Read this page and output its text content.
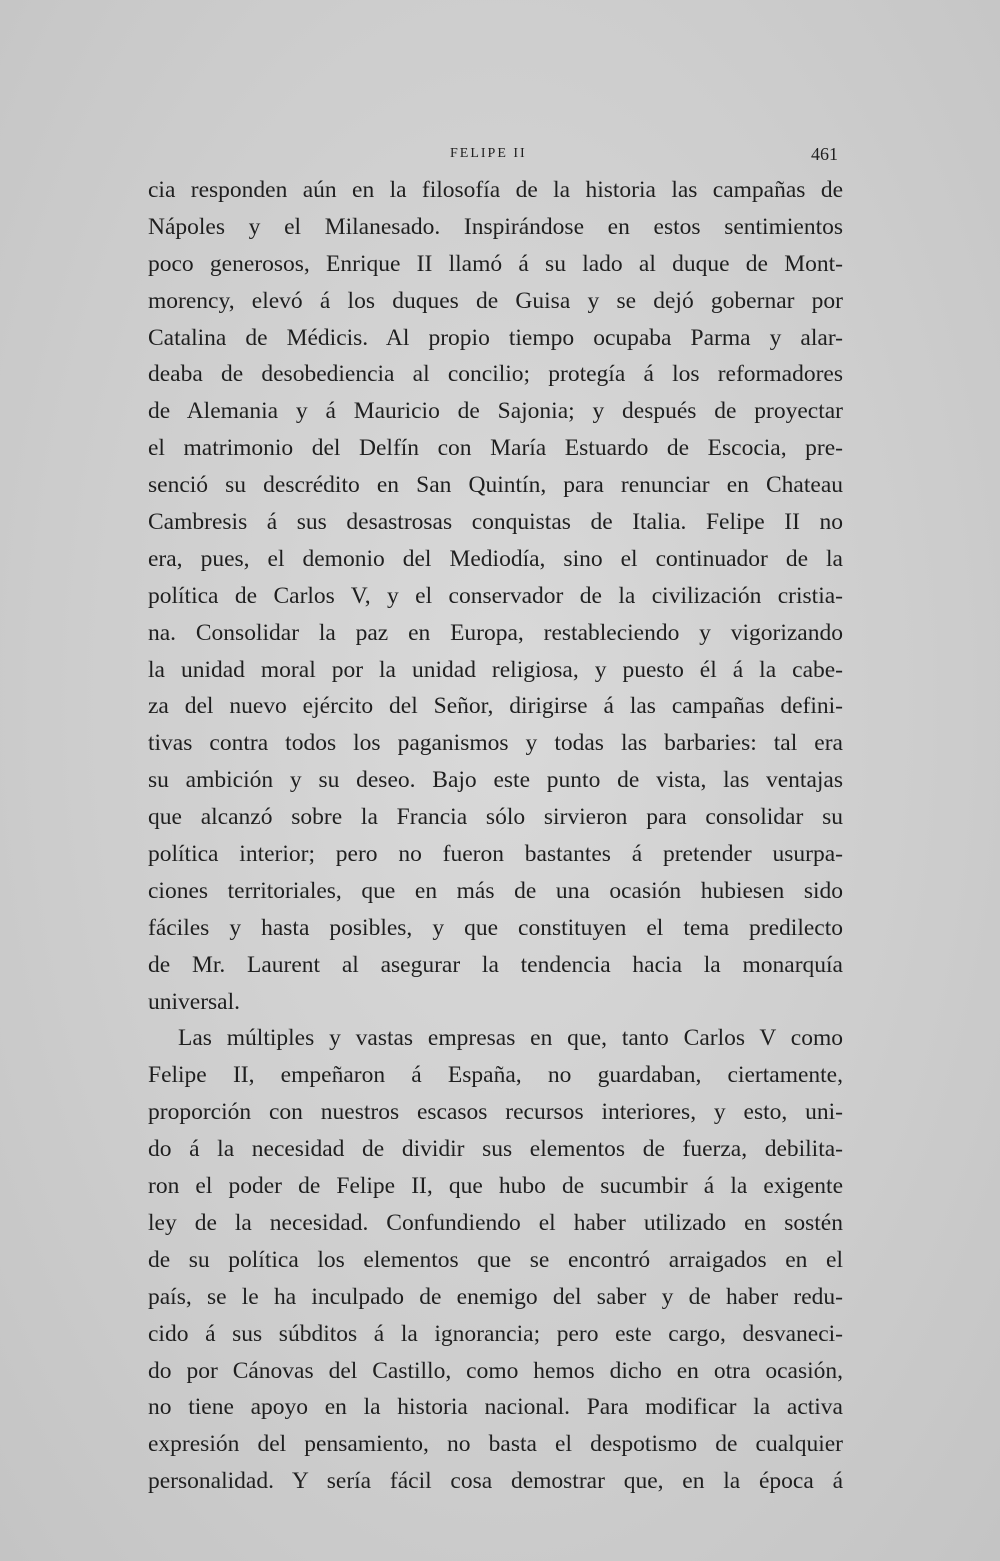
FELIPE II	461
cia responden aún en la filosofía de la historia las campañas de
Nápoles y el Milanesado. Inspirándose en estos sentimientos
poco generosos, Enrique II llamó á su lado al duque de Mont-
morency, elevó á los duques de Guisa y se dejó gobernar por
Catalina de Médicis. Al propio tiempo ocupaba Parma y alar-
deaba de desobediencia al concilio; protegía á los reformadores
de Alemania y á Mauricio de Sajonia; y después de proyectar
el matrimonio del Delfín con María Estuardo de Escocia, pre-
senció su descrédito en San Quintín, para renunciar en Chateau
Cambresis á sus desastrosas conquistas de Italia. Felipe II no
era, pues, el demonio del Mediodía, sino el continuador de la
política de Carlos V, y el conservador de la civilización cristia-
na. Consolidar la paz en Europa, restableciendo y vigorizando
la unidad moral por la unidad religiosa, y puesto él á la cabe-
za del nuevo ejército del Señor, dirigirse á las campañas defini-
tivas contra todos los paganismos y todas las barbaries: tal era
su ambición y su deseo. Bajo este punto de vista, las ventajas
que alcanzó sobre la Francia sólo sirvieron para consolidar su
política interior; pero no fueron bastantes á pretender usurpa-
ciones territoriales, que en más de una ocasión hubiesen sido
fáciles y hasta posibles, y que constituyen el tema predilecto
de Mr. Laurent al asegurar la tendencia hacia la monarquía
universal.
Las múltiples y vastas empresas en que, tanto Carlos V como
Felipe II, empeñaron á España, no guardaban, ciertamente,
proporción con nuestros escasos recursos interiores, y esto, uni-
do á la necesidad de dividir sus elementos de fuerza, debilita-
ron el poder de Felipe II, que hubo de sucumbir á la exigente
ley de la necesidad. Confundiendo el haber utilizado en sostén
de su política los elementos que se encontró arraigados en el
país, se le ha inculpado de enemigo del saber y de haber redu-
cido á sus súbditos á la ignorancia; pero este cargo, desvaneci-
do por Cánovas del Castillo, como hemos dicho en otra ocasión,
no tiene apoyo en la historia nacional. Para modificar la activa
expresión del pensamiento, no basta el despotismo de cualquier
personalidad. Y sería fácil cosa demostrar que, en la época á
